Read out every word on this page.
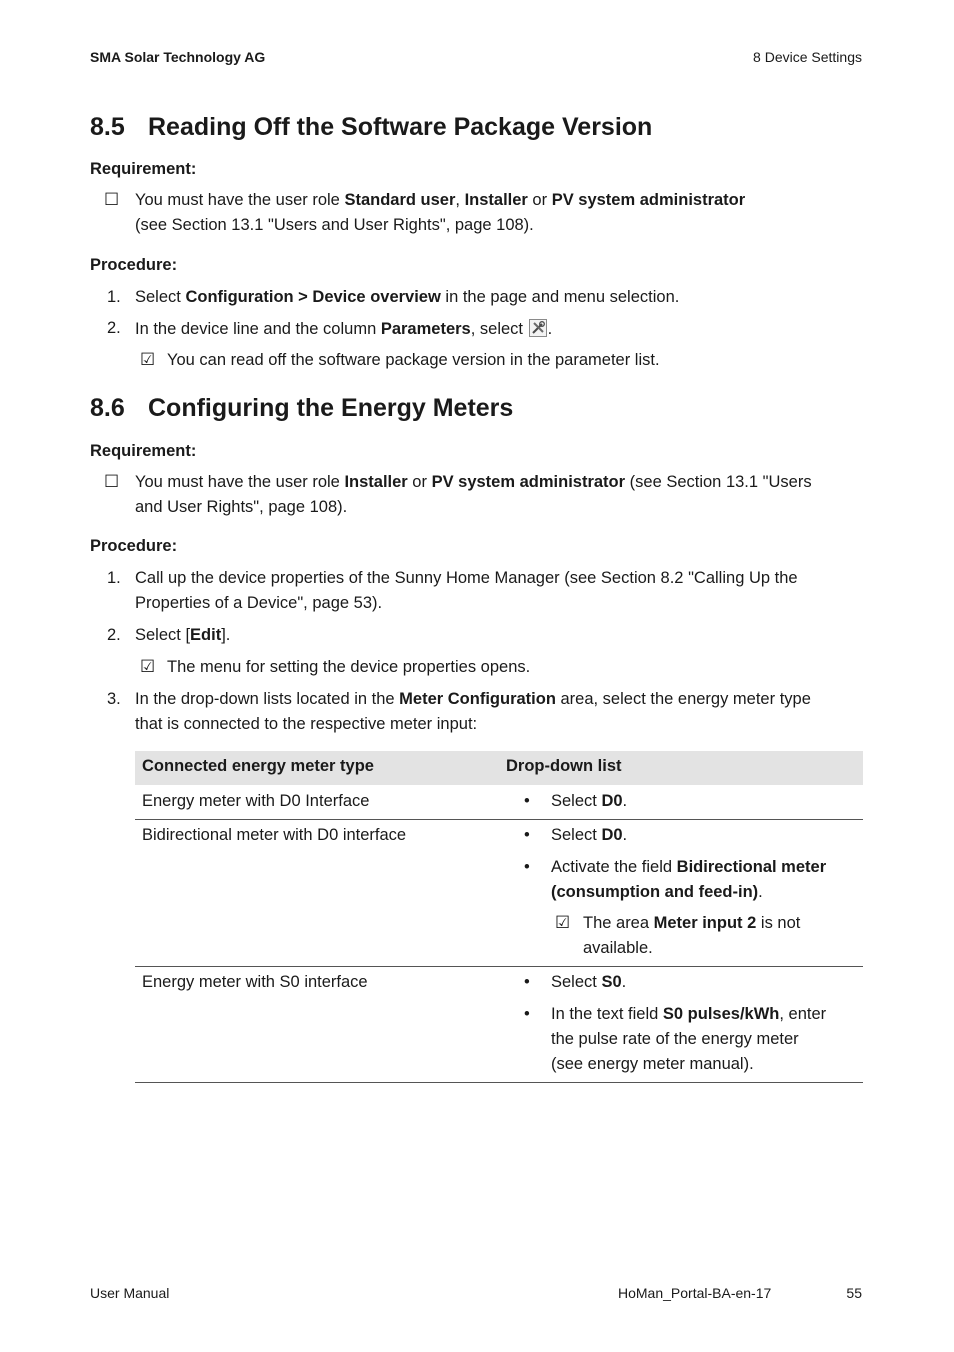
SMA Solar Technology AG	8 Device Settings
8.5 Reading Off the Software Package Version
Requirement:
☐ You must have the user role Standard user, Installer or PV system administrator
(see Section 13.1 "Users and User Rights", page 108).
Procedure:
1. Select Configuration > Device overview in the page and menu selection.
2. In the device line and the column Parameters, select .
☑ You can read off the software package version in the parameter list.
8.6 Configuring the Energy Meters
Requirement:
☐ You must have the user role Installer or PV system administrator (see Section 13.1 "Users
and User Rights", page 108).
Procedure:
1. Call up the device properties of the Sunny Home Manager (see Section 8.2 "Calling Up the
Properties of a Device", page 53).
2. Select [Edit].
☑ The menu for setting the device properties opens.
3. In the drop-down lists located in the Meter Configuration area, select the energy meter type
that is connected to the respective meter input:
Connected energy meter type	Drop-down list
Energy meter with D0 Interface	• Select D0.
Bidirectional meter with D0 interface	• Select D0.
• Activate the field Bidirectional meter
(consumption and feed-in).
☑ The area Meter input 2 is not
available.
Energy meter with S0 interface	• Select S0.
• In the text field S0 pulses/kWh, enter
the pulse rate of the energy meter
(see energy meter manual).
User Manual	HoMan_Portal-BA-en-17	55
